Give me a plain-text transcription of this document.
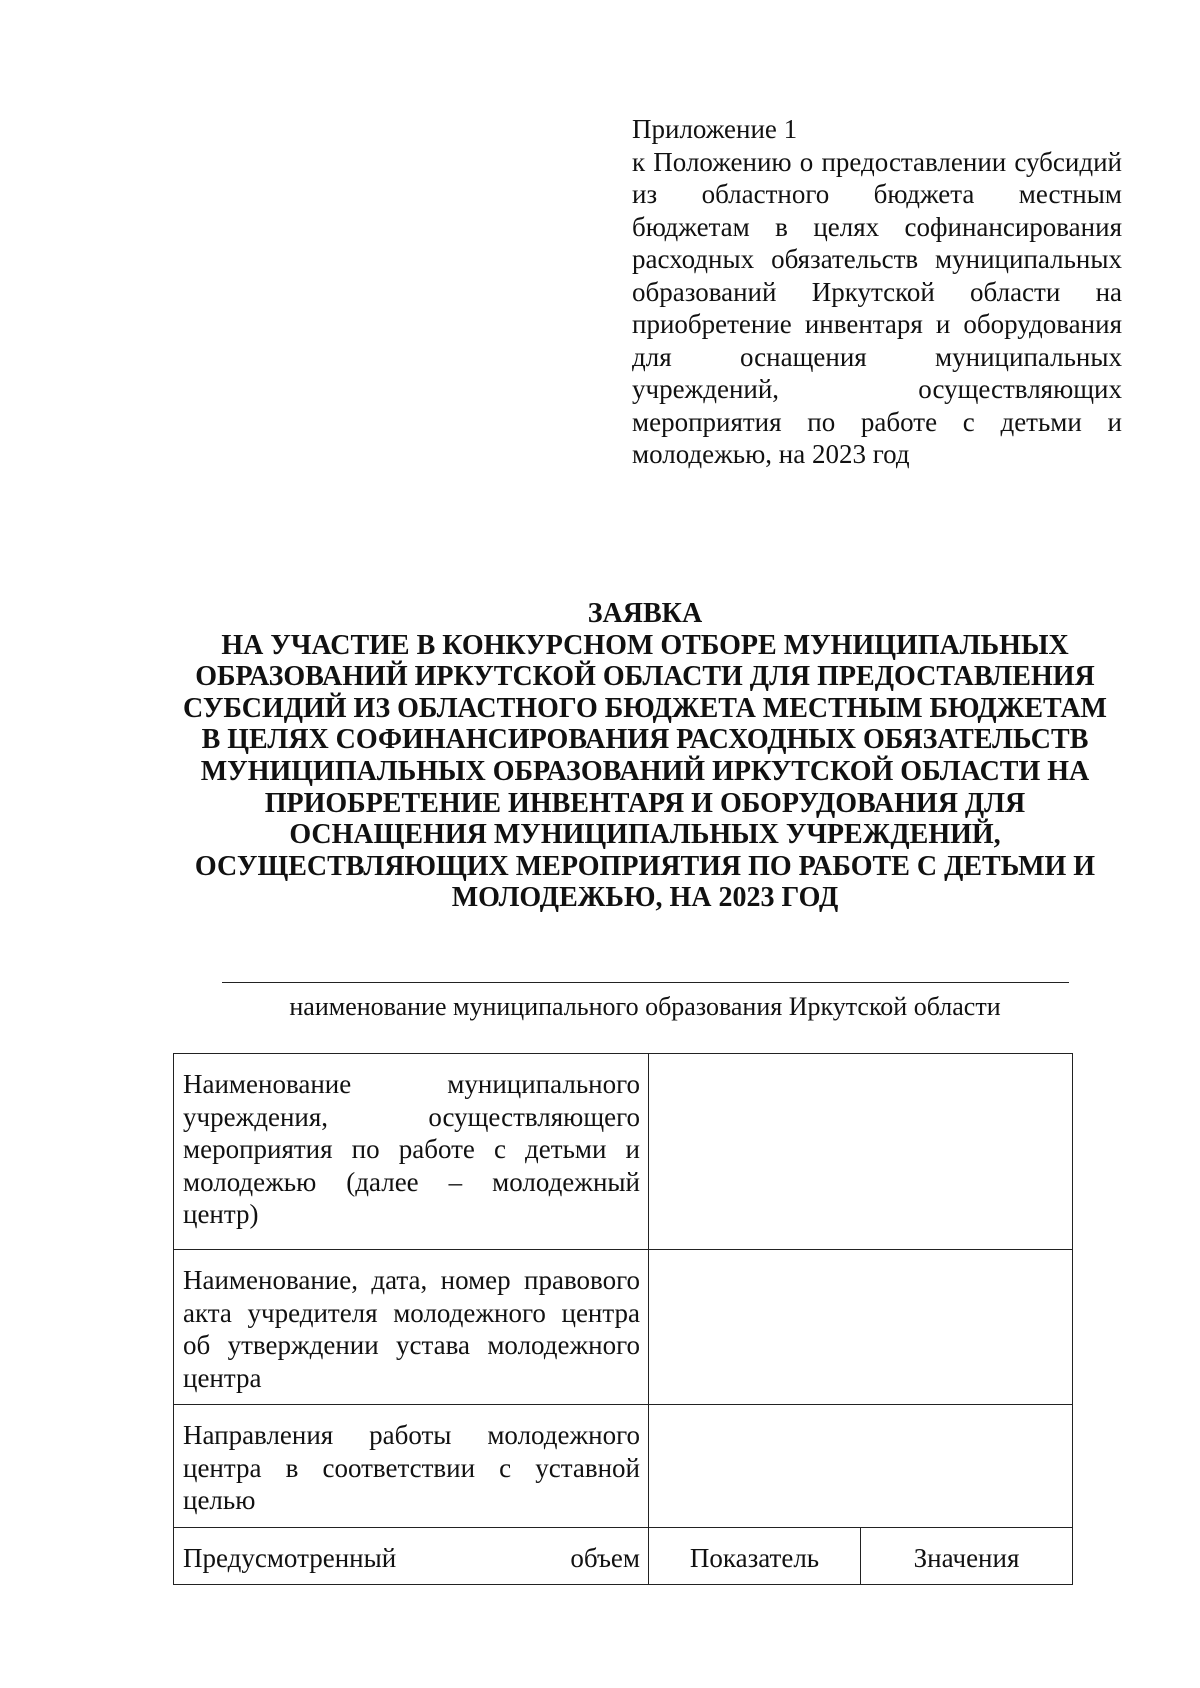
Приложение 1
к Положению о предоставлении субсидий из областного бюджета местным бюджетам в целях софинансирования расходных обязательств муниципальных образований Иркутской области на приобретение инвентаря и оборудования для оснащения муниципальных учреждений, осуществляющих мероприятия по работе с детьми и молодежью, на 2023 год
ЗАЯВКА
НА УЧАСТИЕ В КОНКУРСНОМ ОТБОРЕ МУНИЦИПАЛЬНЫХ
ОБРАЗОВАНИЙ ИРКУТСКОЙ ОБЛАСТИ ДЛЯ ПРЕДОСТАВЛЕНИЯ
СУБСИДИЙ ИЗ ОБЛАСТНОГО БЮДЖЕТА МЕСТНЫМ БЮДЖЕТАМ
В ЦЕЛЯХ СОФИНАНСИРОВАНИЯ РАСХОДНЫХ ОБЯЗАТЕЛЬСТВ
МУНИЦИПАЛЬНЫХ ОБРАЗОВАНИЙ ИРКУТСКОЙ ОБЛАСТИ НА
ПРИОБРЕТЕНИЕ ИНВЕНТАРЯ И ОБОРУДОВАНИЯ ДЛЯ
ОСНАЩЕНИЯ МУНИЦИПАЛЬНЫХ УЧРЕЖДЕНИЙ,
ОСУЩЕСТВЛЯЮЩИХ МЕРОПРИЯТИЯ ПО РАБОТЕ С ДЕТЬМИ И
МОЛОДЕЖЬЮ, НА 2023 ГОД
наименование муниципального образования Иркутской области
Наименование муниципального учреждения, осуществляющего мероприятия по работе с детьми и молодежью (далее – молодежный центр)		
Наименование, дата, номер правового акта учредителя молодежного центра об утверждении устава молодежного центра		
Направления работы молодежного центра в соответствии с уставной целью		
Предусмотренный объем	Показатель	Значения
